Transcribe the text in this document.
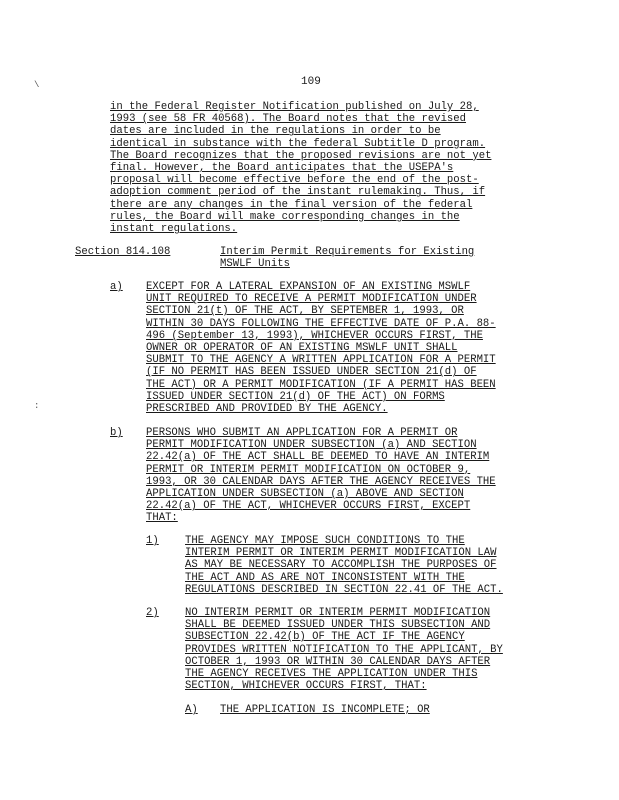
109
\
:
in the Federal Register Notification published on July 28,
1993 (see 58 FR 40568). The Board notes that the revised
dates are included in the regulations in order to be
identical in substance with the federal Subtitle D program.
The Board recognizes that the proposed revisions are not yet
final. However, the Board anticipates that the USEPA's
proposal will become effective before the end of the post-
adoption comment period of the instant rulemaking. Thus, if
there are any changes in the final version of the federal
rules, the Board will make corresponding changes in the
instant regulations.
Section 814.108	Interim Permit Requirements for Existing
MSWLF Units
a) EXCEPT FOR A LATERAL EXPANSION OF AN EXISTING MSWLF
UNIT REQUIRED TO RECEIVE A PERMIT MODIFICATION UNDER
SECTION 21(t) OF THE ACT, BY SEPTEMBER 1, 1993, OR
WITHIN 30 DAYS FOLLOWING THE EFFECTIVE DATE OF P.A. 88-
496 (September 13, 1993), WHICHEVER OCCURS FIRST, THE
OWNER OR OPERATOR OF AN EXISTING MSWLF UNIT SHALL
SUBMIT TO THE AGENCY A WRITTEN APPLICATION FOR A PERMIT
(IF NO PERMIT HAS BEEN ISSUED UNDER SECTION 21(d) OF
THE ACT) OR A PERMIT MODIFICATION (IF A PERMIT HAS BEEN
ISSUED UNDER SECTION 21(d) OF THE ACT) ON FORMS
PRESCRIBED AND PROVIDED BY THE AGENCY.
b) PERSONS WHO SUBMIT AN APPLICATION FOR A PERMIT OR
PERMIT MODIFICATION UNDER SUBSECTION (a) AND SECTION
22.42(a) OF THE ACT SHALL BE DEEMED TO HAVE AN INTERIM
PERMIT OR INTERIM PERMIT MODIFICATION ON OCTOBER 9,
1993, OR 30 CALENDAR DAYS AFTER THE AGENCY RECEIVES THE
APPLICATION UNDER SUBSECTION (a) ABOVE AND SECTION
22.42(a) OF THE ACT, WHICHEVER OCCURS FIRST, EXCEPT
THAT:
1) THE AGENCY MAY IMPOSE SUCH CONDITIONS TO THE
INTERIM PERMIT OR INTERIM PERMIT MODIFICATION LAW
AS MAY BE NECESSARY TO ACCOMPLISH THE PURPOSES OF
THE ACT AND AS ARE NOT INCONSISTENT WITH THE
REGULATIONS DESCRIBED IN SECTION 22.41 OF THE ACT.
2) NO INTERIM PERMIT OR INTERIM PERMIT MODIFICATION
SHALL BE DEEMED ISSUED UNDER THIS SUBSECTION AND
SUBSECTION 22.42(b) OF THE ACT IF THE AGENCY
PROVIDES WRITTEN NOTIFICATION TO THE APPLICANT, BY
OCTOBER 1, 1993 OR WITHIN 30 CALENDAR DAYS AFTER
THE AGENCY RECEIVES THE APPLICATION UNDER THIS
SECTION, WHICHEVER OCCURS FIRST, THAT:
A) THE APPLICATION IS INCOMPLETE; OR
